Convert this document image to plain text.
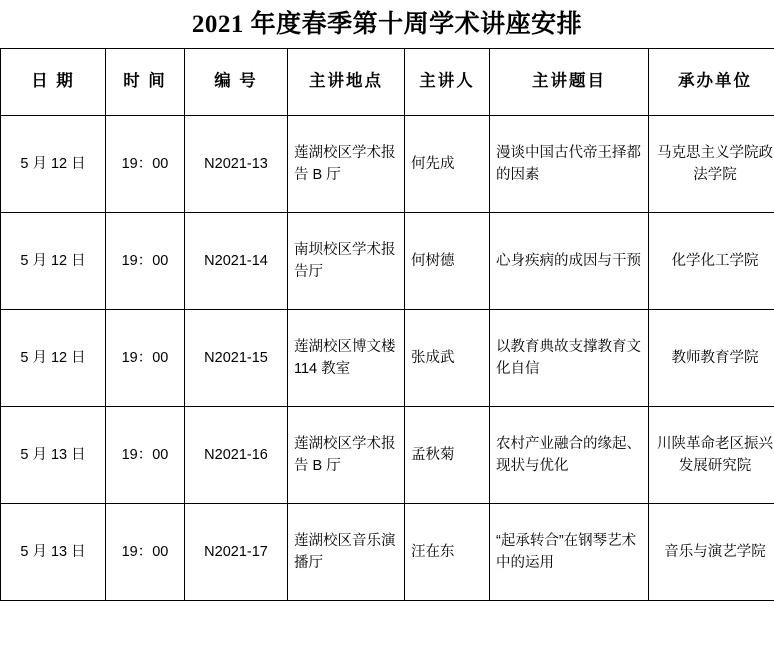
2021 年度春季第十周学术讲座安排
日 期	时 间	编 号	主讲地点	主讲人	主讲题目	承办单位
5 月 12 日	19：00	N2021-13	莲湖校区学术报告 B 厅	何先成	漫谈中国古代帝王择都的因素	马克思主义学院政法学院
5 月 12 日	19：00	N2021-14	南坝校区学术报告厅	何树德	心身疾病的成因与干预	化学化工学院
5 月 12 日	19：00	N2021-15	莲湖校区博文楼 114 教室	张成武	以教育典故支撑教育文化自信	教师教育学院
5 月 13 日	19：00	N2021-16	莲湖校区学术报告 B 厅	孟秋菊	农村产业融合的缘起、现状与优化	川陕革命老区振兴发展研究院
5 月 13 日	19：00	N2021-17	莲湖校区音乐演播厅	汪在东	“起承转合”在钢琴艺术中的运用	音乐与演艺学院
